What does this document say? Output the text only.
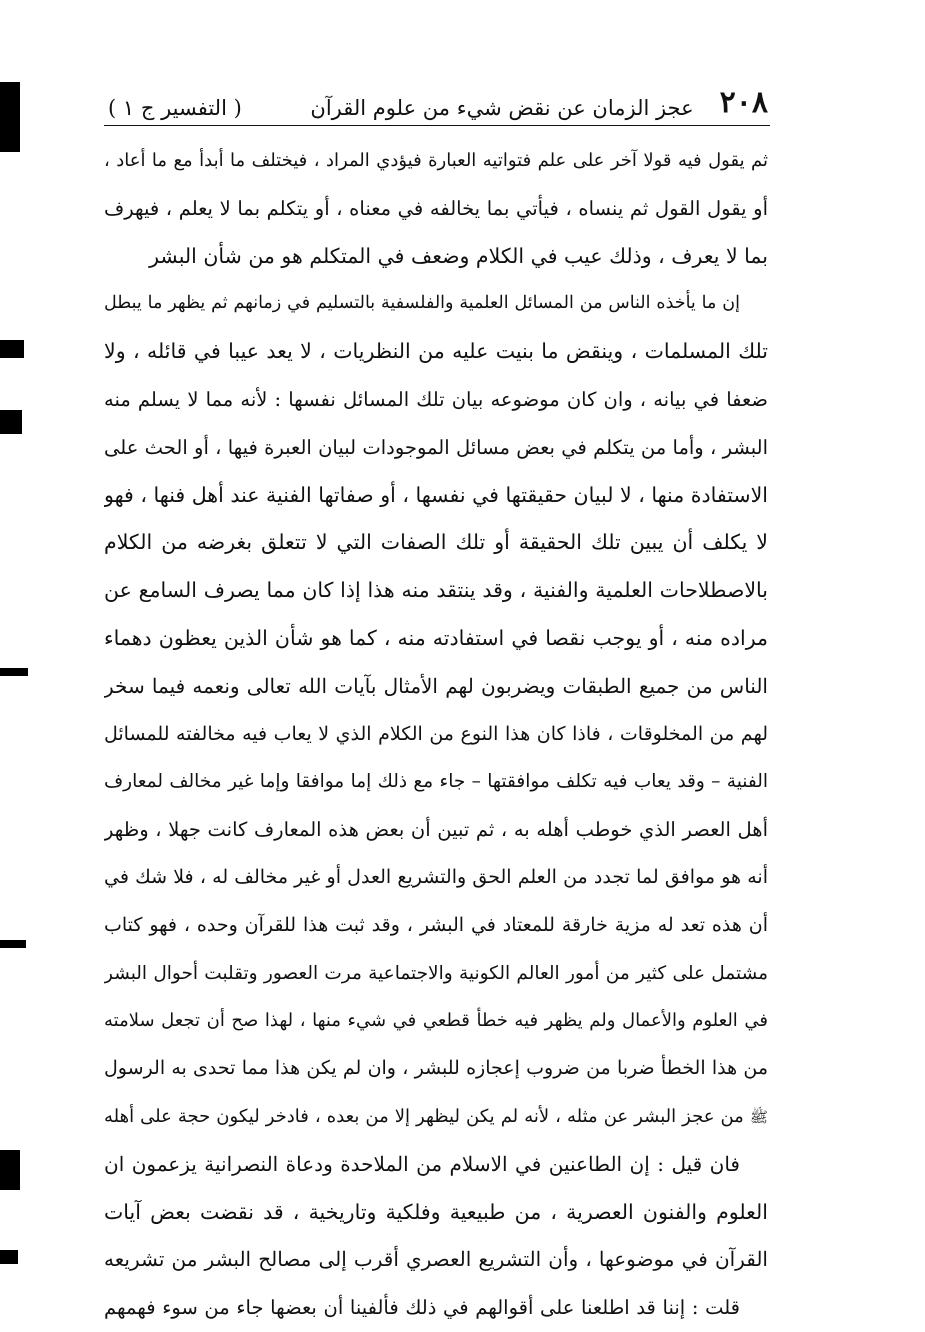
٢٠٨
عجز الزمان عن نقض شيء من علوم القرآن
( التفسير ج ١ )
ثم يقول فيه قولا آخر على علم فتواتيه العبارة فيؤدي المراد ، فيختلف ما أبدأ مع ما أعاد ،
أو يقول القول ثم ينساه ، فيأتي بما يخالفه في معناه ، أو يتكلم بما لا يعلم ، فيهرف
بما لا يعرف ، وذلك عيب في الكلام وضعف في المتكلم هو من شأن البشر
إن ما يأخذه الناس من المسائل العلمية والفلسفية بالتسليم في زمانهم ثم يظهر ما يبطل
تلك المسلمات ، وينقض ما بنيت عليه من النظريات ، لا يعد عيبا في قائله ، ولا
ضعفا في بيانه ، وان كان موضوعه بيان تلك المسائل نفسها : لأنه مما لا يسلم منه
البشر ، وأما من يتكلم في بعض مسائل الموجودات لبيان العبرة فيها ، أو الحث على
الاستفادة منها ، لا لبيان حقيقتها في نفسها ، أو صفاتها الفنية عند أهل فنها ، فهو
لا يكلف أن يبين تلك الحقيقة أو تلك الصفات التي لا تتعلق بغرضه من الكلام
بالاصطلاحات العلمية والفنية ، وقد ينتقد منه هذا إذا كان مما يصرف السامع عن
مراده منه ، أو يوجب نقصا في استفادته منه ، كما هو شأن الذين يعظون دهماء
الناس من جميع الطبقات ويضربون لهم الأمثال بآيات الله تعالى ونعمه فيما سخر
لهم من المخلوقات ، فاذا كان هذا النوع من الكلام الذي لا يعاب فيه مخالفته للمسائل
الفنية – وقد يعاب فيه تكلف موافقتها – جاء مع ذلك إما موافقا وإما غير مخالف لمعارف
أهل العصر الذي خوطب أهله به ، ثم تبين أن بعض هذه المعارف كانت جهلا ، وظهر
أنه هو موافق لما تجدد من العلم الحق والتشريع العدل أو غير مخالف له ، فلا شك في
أن هذه تعد له مزية خارقة للمعتاد في البشر ، وقد ثبت هذا للقرآن وحده ، فهو كتاب
مشتمل على كثير من أمور العالم الكونية والاجتماعية مرت العصور وتقلبت أحوال البشر
في العلوم والأعمال ولم يظهر فيه خطأ قطعي في شيء منها ، لهذا صح أن تجعل سلامته
من هذا الخطأ ضربا من ضروب إعجازه للبشر ، وان لم يكن هذا مما تحدى به الرسول
ﷺ من عجز البشر عن مثله ، لأنه لم يكن ليظهر إلا من بعده ، فادخر ليكون حجة على أهله
فان قيل : إن الطاعنين في الاسلام من الملاحدة ودعاة النصرانية يزعمون ان
العلوم والفنون العصرية ، من طبيعية وفلكية وتاريخية ، قد نقضت بعض آيات
القرآن في موضوعها ، وأن التشريع العصري أقرب إلى مصالح البشر من تشريعه
قلت : إننا قد اطلعنا على أقوالهم في ذلك فألفينا أن بعضها جاء من سوء فهمهم
